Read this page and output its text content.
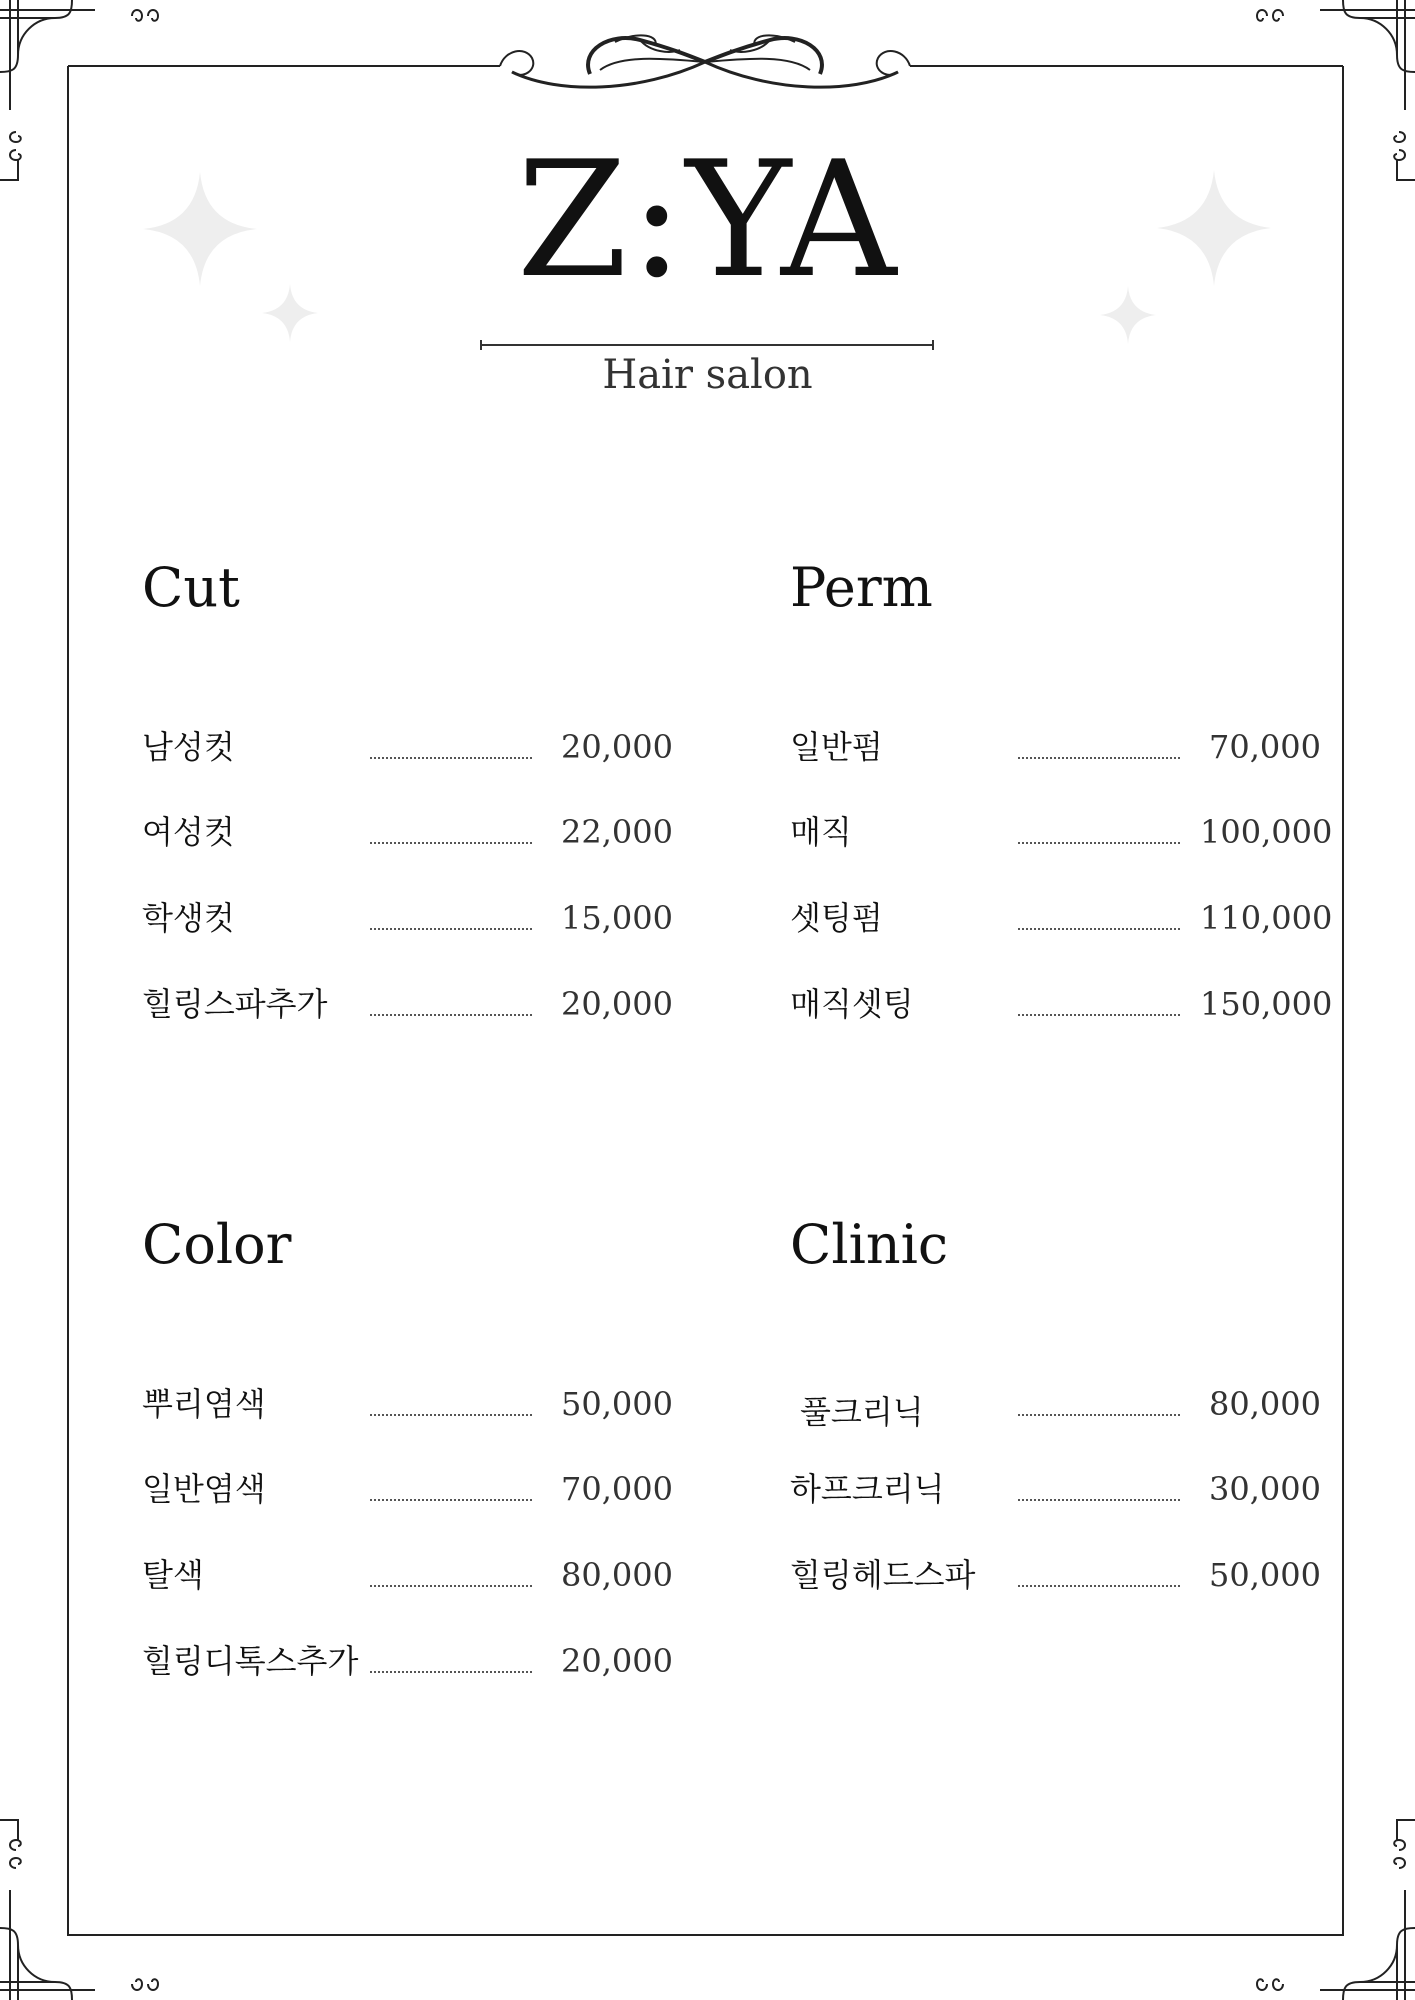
Z:YA
Hair salon
Cut
남성컷	20,000
여성컷	22,000
학생컷	15,000
힐링스파추가	20,000
Perm
일반펌	70,000
매직	100,000
셋팅펌	110,000
매직셋팅	150,000
Color
뿌리염색	50,000
일반염색	70,000
탈색	80,000
힐링디톡스추가	20,000
Clinic
풀크리닉	80,000
하프크리닉	30,000
힐링헤드스파	50,000
